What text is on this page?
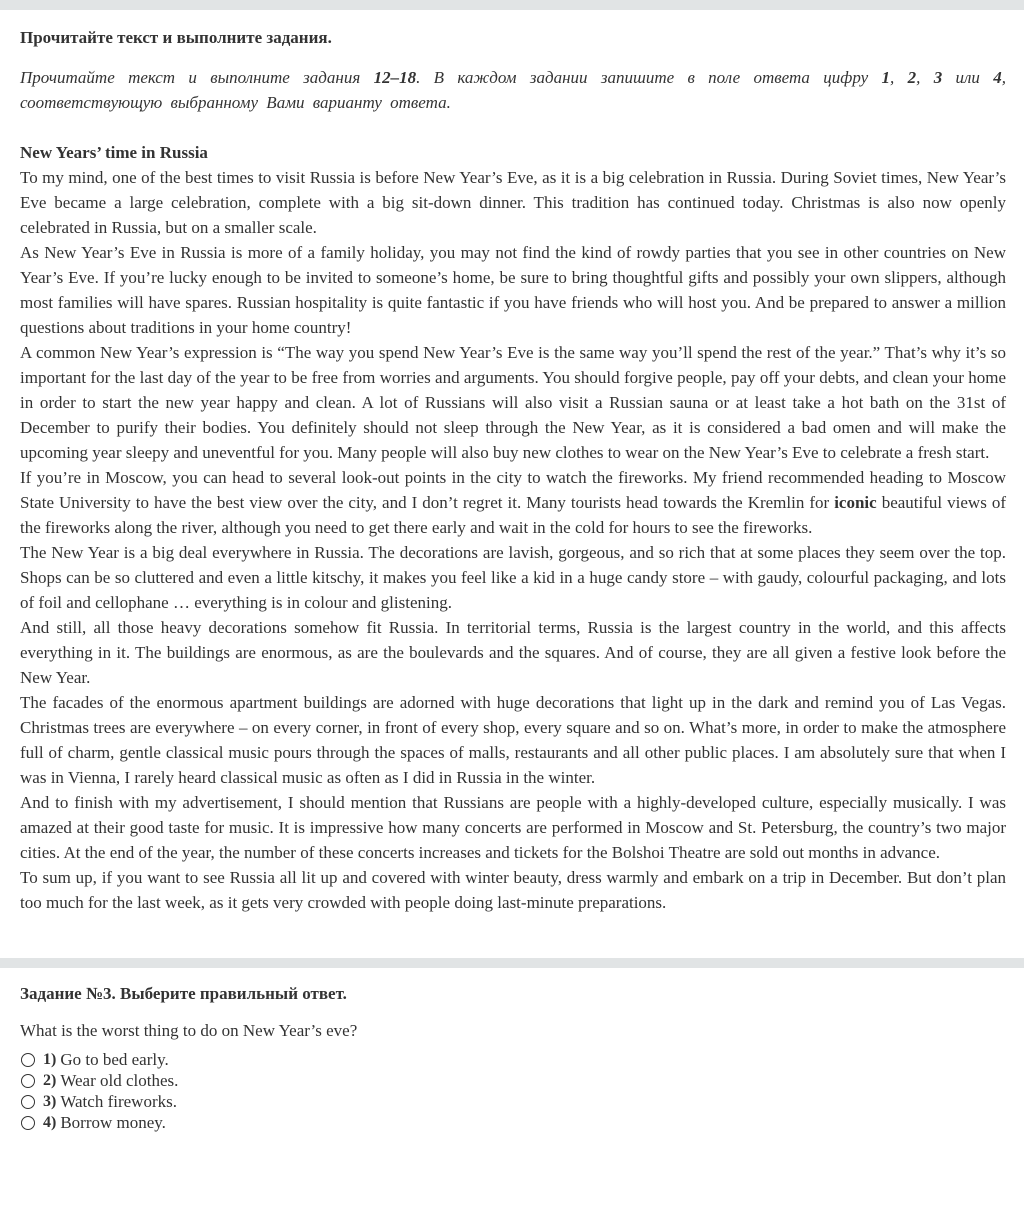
Прочитайте текст и выполните задания.

Прочитайте текст и выполните задания 12–18. В каждом задании запишите в поле ответа цифру 1, 2, 3 или 4, соответствующую выбранному Вами варианту ответа.

New Years’ time in Russia

To my mind, one of the best times to visit Russia is before New Year’s Eve, as it is a big celebration in Russia. During Soviet times, New Year’s Eve became a large celebration, complete with a big sit-down dinner. This tradition has continued today. Christmas is also now openly celebrated in Russia, but on a smaller scale.

As New Year’s Eve in Russia is more of a family holiday, you may not find the kind of rowdy parties that you see in other countries on New Year’s Eve. If you’re lucky enough to be invited to someone’s home, be sure to bring thoughtful gifts and possibly your own slippers, although most families will have spares. Russian hospitality is quite fantastic if you have friends who will host you. And be prepared to answer a million questions about traditions in your home country!

A common New Year’s expression is “The way you spend New Year’s Eve is the same way you’ll spend the rest of the year.” That’s why it’s so important for the last day of the year to be free from worries and arguments. You should forgive people, pay off your debts, and clean your home in order to start the new year happy and clean. A lot of Russians will also visit a Russian sauna or at least take a hot bath on the 31st of December to purify their bodies. You definitely should not sleep through the New Year, as it is considered a bad omen and will make the upcoming year sleepy and uneventful for you. Many people will also buy new clothes to wear on the New Year’s Eve to celebrate a fresh start.

If you’re in Moscow, you can head to several look-out points in the city to watch the fireworks. My friend recommended heading to Moscow State University to have the best view over the city, and I don’t regret it. Many tourists head towards the Kremlin for iconic beautiful views of the fireworks along the river, although you need to get there early and wait in the cold for hours to see the fireworks.

The New Year is a big deal everywhere in Russia. The decorations are lavish, gorgeous, and so rich that at some places they seem over the top. Shops can be so cluttered and even a little kitschy, it makes you feel like a kid in a huge candy store – with gaudy, colourful packaging, and lots of foil and cellophane … everything is in colour and glistening.

And still, all those heavy decorations somehow fit Russia. In territorial terms, Russia is the largest country in the world, and this affects everything in it. The buildings are enormous, as are the boulevards and the squares. And of course, they are all given a festive look before the New Year.

The facades of the enormous apartment buildings are adorned with huge decorations that light up in the dark and remind you of Las Vegas. Christmas trees are everywhere – on every corner, in front of every shop, every square and so on. What’s more, in order to make the atmosphere full of charm, gentle classical music pours through the spaces of malls, restaurants and all other public places. I am absolutely sure that when I was in Vienna, I rarely heard classical music as often as I did in Russia in the winter.

And to finish with my advertisement, I should mention that Russians are people with a highly-developed culture, especially musically. I was amazed at their good taste for music. It is impressive how many concerts are performed in Moscow and St. Petersburg, the country’s two major cities. At the end of the year, the number of these concerts increases and tickets for the Bolshoi Theatre are sold out months in advance.

To sum up, if you want to see Russia all lit up and covered with winter beauty, dress warmly and embark on a trip in December. But don’t plan too much for the last week, as it gets very crowded with people doing last-minute preparations.

Задание №3. Выберите правильный ответ.

What is the worst thing to do on New Year’s eve?

1) Go to bed early.
2) Wear old clothes.
3) Watch fireworks.
4) Borrow money.
